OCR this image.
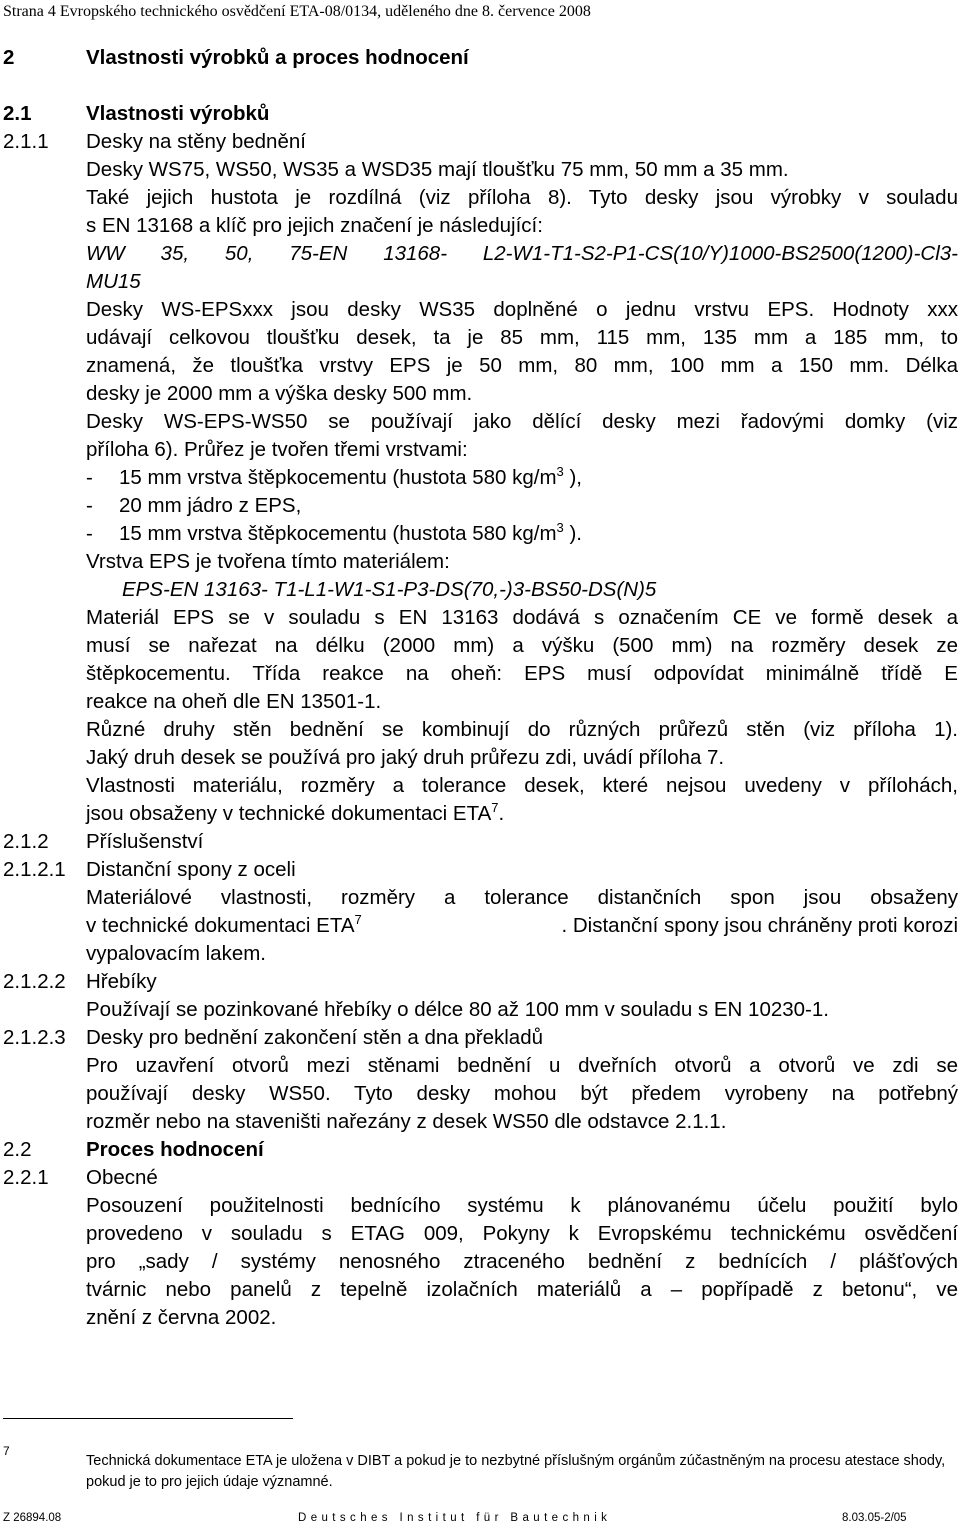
Strana 4 Evropského technického osvědčení ETA-08/0134, uděleného dne 8. července 2008
2	Vlastnosti výrobků a proces hodnocení
2.1	Vlastnosti výrobků
2.1.1 Desky na stěny bednění
Desky WS75, WS50, WS35 a WSD35 mají tloušťku 75 mm, 50 mm a 35 mm.
Také jejich hustota je rozdílná (viz příloha 8). Tyto desky jsou výrobky v souladu
s EN 13168 a klíč pro jejich značení je následující:
WW 35, 50, 75-EN 13168- L2-W1-T1-S2-P1-CS(10/Y)1000-BS2500(1200)-Cl3-
MU15
Desky WS-EPSxxx jsou desky WS35 doplněné o jednu vrstvu EPS. Hodnoty xxx
udávají celkovou tloušťku desek, ta je 85 mm, 115 mm, 135 mm a 185 mm, to
znamená, že tloušťka vrstvy EPS je 50 mm, 80 mm, 100 mm a 150 mm. Délka
desky je 2000 mm a výška desky 500 mm.
Desky WS-EPS-WS50 se používají jako dělící desky mezi řadovými domky (viz
příloha 6). Průřez je tvořen třemi vrstvami:
- 15 mm vrstva štěpkocementu (hustota 580 $kg/m^3$ ),
- 20 mm jádro z EPS,
- 15 mm vrstva štěpkocementu (hustota 580 $kg/m^3$ ).
Vrstva EPS je tvořena tímto materiálem:
EPS-EN 13163- T1-L1-W1-S1-P3-DS(70,-)3-BS50-DS(N)5
Materiál EPS se v souladu s EN 13163 dodává s označením CE ve formě desek a
musí se nařezat na délku (2000 mm) a výšku (500 mm) na rozměry desek ze
štěpkocementu. Třída reakce na oheň: EPS musí odpovídat minimálně třídě E
reakce na oheň dle EN 13501-1.
Různé druhy stěn bednění se kombinují do různých průřezů stěn (viz příloha 1).
Jaký druh desek se používá pro jaký druh průřezu zdi, uvádí příloha 7.
Vlastnosti materiálu, rozměry a tolerance desek, které nejsou uvedeny v přílohách,
jsou obsaženy v technické dokumentaci ETA$^7$.
2.1.2 Příslušenství
2.1.2.1 Distanční spony z oceli
Materiálové vlastnosti, rozměry a tolerance distančních spon jsou obsaženy
v technické dokumentaci ETA$^7$	. Distanční spony jsou chráněny proti korozi
vypalovacím lakem.
2.1.2.2 Hřebíky
Používají se pozinkované hřebíky o délce 80 až 100 mm v souladu s EN 10230-1.
2.1.2.3 Desky pro bednění zakončení stěn a dna překladů
Pro uzavření otvorů mezi stěnami bednění u dveřních otvorů a otvorů ve zdi se
používají desky WS50. Tyto desky mohou být předem vyrobeny na potřebný
rozměr nebo na staveništi nařezány z desek WS50 dle odstavce 2.1.1.
2.2	Proces hodnocení
2.2.1 Obecné
Posouzení použitelnosti bednícího systému k plánovanému účelu použití bylo
provedeno v souladu s ETAG 009, Pokyny k Evropskému technickému osvědčení
pro „sady / systémy nenosného ztraceného bednění z bednících / plášťových
tvárnic nebo panelů z tepelně izolačních materiálů a – popřípadě z betonu“, ve
znění z června 2002.
7
Technická dokumentace ETA je uložena v DIBT a pokud je to nezbytné příslušným orgánům zúčastněným na procesu atestace shody, pokud je to pro jejich údaje významné.
Z 26894.08	Deutsches Institut für Bautechnik	8.03.05-2/05
